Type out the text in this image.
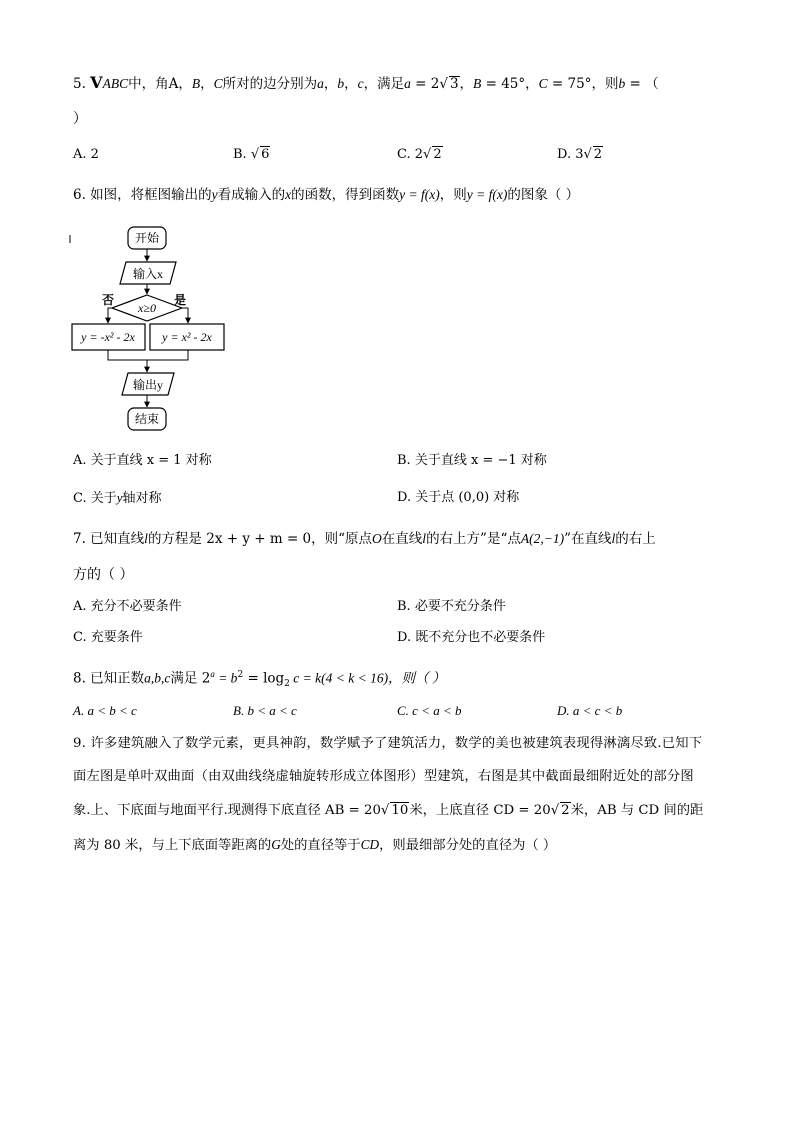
5. VABC中，角A，B，C所对的边分别为a，b，c，满足a = 2√ 3，B = 45°，C = 75°，则b = （
）
A. 2	B. √ 6	C. 2√ 2	D. 3√ 2
6. 如图，将框图输出的y看成输入的x的函数，得到函数y = f(x)，则y = f(x)的图象（ ）
开始
输入x
x≥0
否	是
y = -x² - 2x y = x² - 2x
输出y
结束
A. 关于直线 x = 1 对称	B. 关于直线 x = −1 对称
C. 关于y轴对称	D. 关于点 (0,0) 对称
7. 已知直线l的方程是 2x + y + m = 0，则“原点O在直线l的右上方”是“点A(2,−1)”在直线l的右上
方的（ ）
A. 充分不必要条件	B. 必要不充分条件
C. 充要条件	D. 既不充分也不必要条件
8. 已知正数a,b,c满足 $2^a = b^2 = \log_2 c = k(4 < k < 16)$，则（ ）
A. a < b < c	B. b < a < c	C. c < a < b	D. a < c < b
9. 许多建筑融入了数学元素，更具神韵，数学赋予了建筑活力，数学的美也被建筑表现得淋漓尽致.已知下
面左图是单叶双曲面（由双曲线绕虚轴旋转形成立体图形）型建筑，右图是其中截面最细附近处的部分图
象.上、下底面与地面平行.现测得下底直径 AB = 20√ 10米，上底直径 CD = 20√ 2米，AB 与 CD 间的距
离为 80 米，与上下底面等距离的G处的直径等于CD，则最细部分处的直径为（ ）
